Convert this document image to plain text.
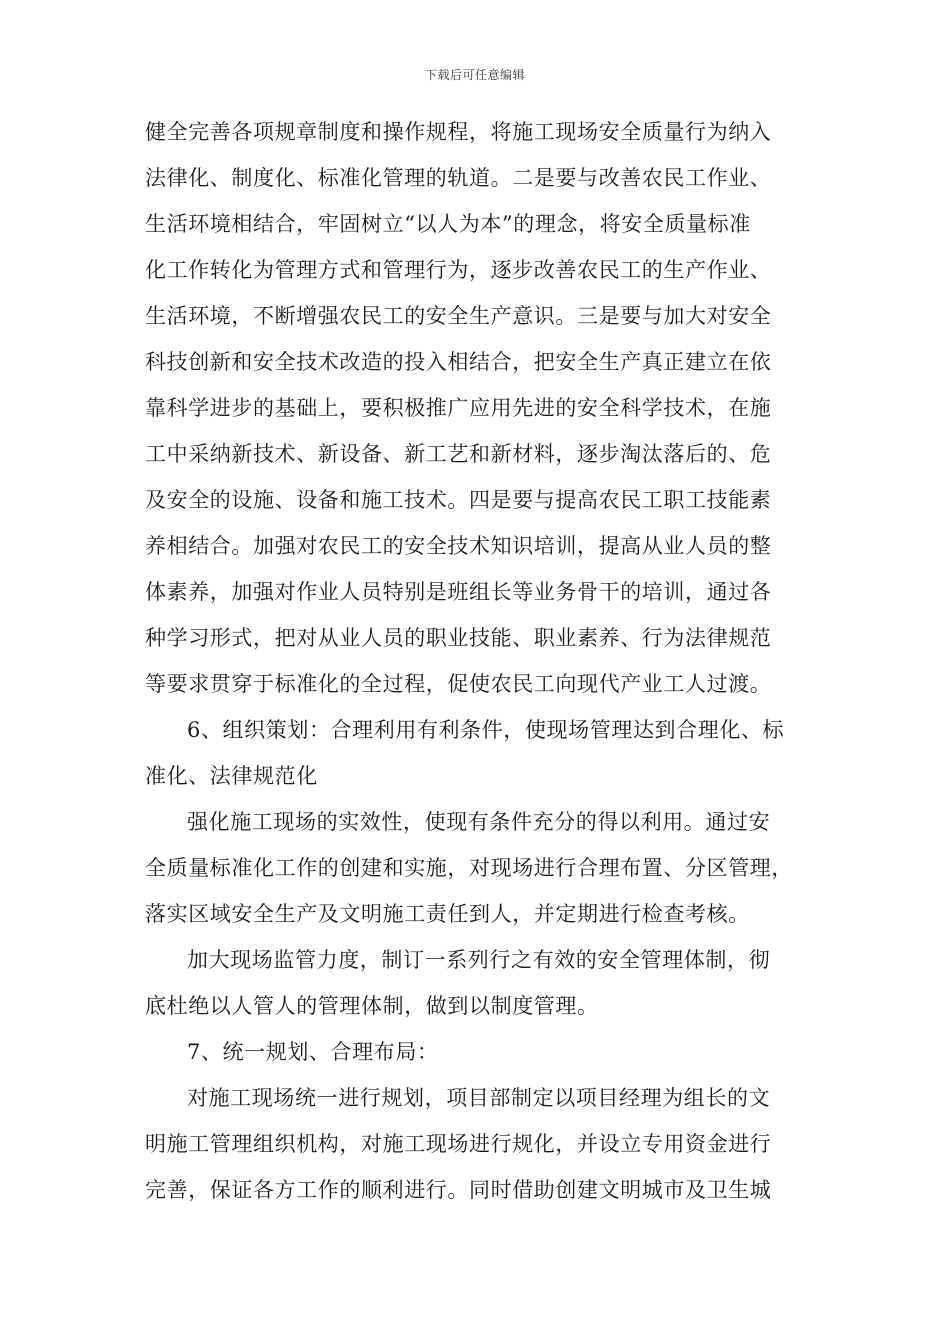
下载后可任意编辑
健全完善各项规章制度和操作规程，将施工现场安全质量行为纳入
法律化、制度化、标准化管理的轨道。二是要与改善农民工作业、
生活环境相结合，牢固树立“以人为本”的理念，将安全质量标准
化工作转化为管理方式和管理行为，逐步改善农民工的生产作业、
生活环境，不断增强农民工的安全生产意识。三是要与加大对安全
科技创新和安全技术改造的投入相结合，把安全生产真正建立在依
靠科学进步的基础上，要积极推广应用先进的安全科学技术，在施
工中采纳新技术、新设备、新工艺和新材料，逐步淘汰落后的、危
及安全的设施、设备和施工技术。四是要与提高农民工职工技能素
养相结合。加强对农民工的安全技术知识培训，提高从业人员的整
体素养，加强对作业人员特别是班组长等业务骨干的培训，通过各
种学习形式，把对从业人员的职业技能、职业素养、行为法律规范
等要求贯穿于标准化的全过程，促使农民工向现代产业工人过渡。
6、组织策划：合理利用有利条件，使现场管理达到合理化、标
准化、法律规范化
强化施工现场的实效性，使现有条件充分的得以利用。通过安
全质量标准化工作的创建和实施，对现场进行合理布置、分区管理，
落实区域安全生产及文明施工责任到人，并定期进行检查考核。
加大现场监管力度，制订一系列行之有效的安全管理体制，彻
底杜绝以人管人的管理体制，做到以制度管理。
7、统一规划、合理布局：
对施工现场统一进行规划，项目部制定以项目经理为组长的文
明施工管理组织机构，对施工现场进行规化，并设立专用资金进行
完善，保证各方工作的顺利进行。同时借助创建文明城市及卫生城
